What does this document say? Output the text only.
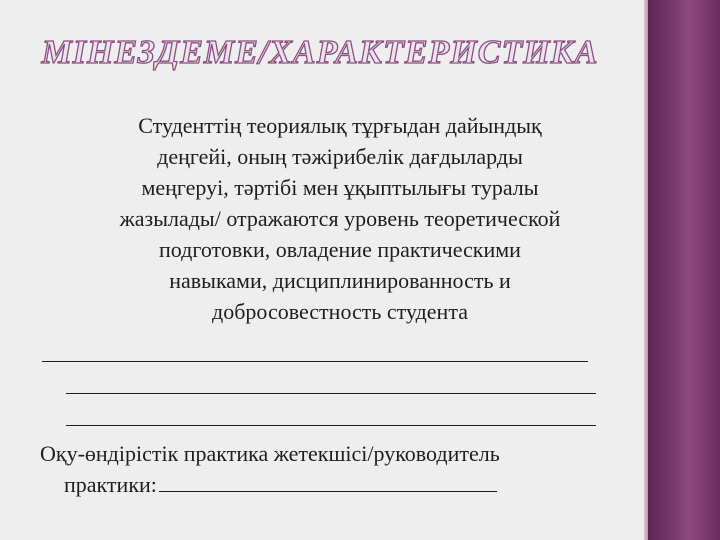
МІНЕЗДЕМЕ/ХАРАКТЕРИСТИКА
Студенттің теориялық тұрғыдан дайындық
деңгейі, оның тәжірибелік дағдыларды
меңгеруі, тәртібі мен ұқыптылығы туралы
жазылады/ отражаются уровень теоретической
подготовки, овладение практическими
навыками, дисциплинированность и
добросовестность студента
Оқу-өндірістік практика жетекшісі/руководитель
практики:
